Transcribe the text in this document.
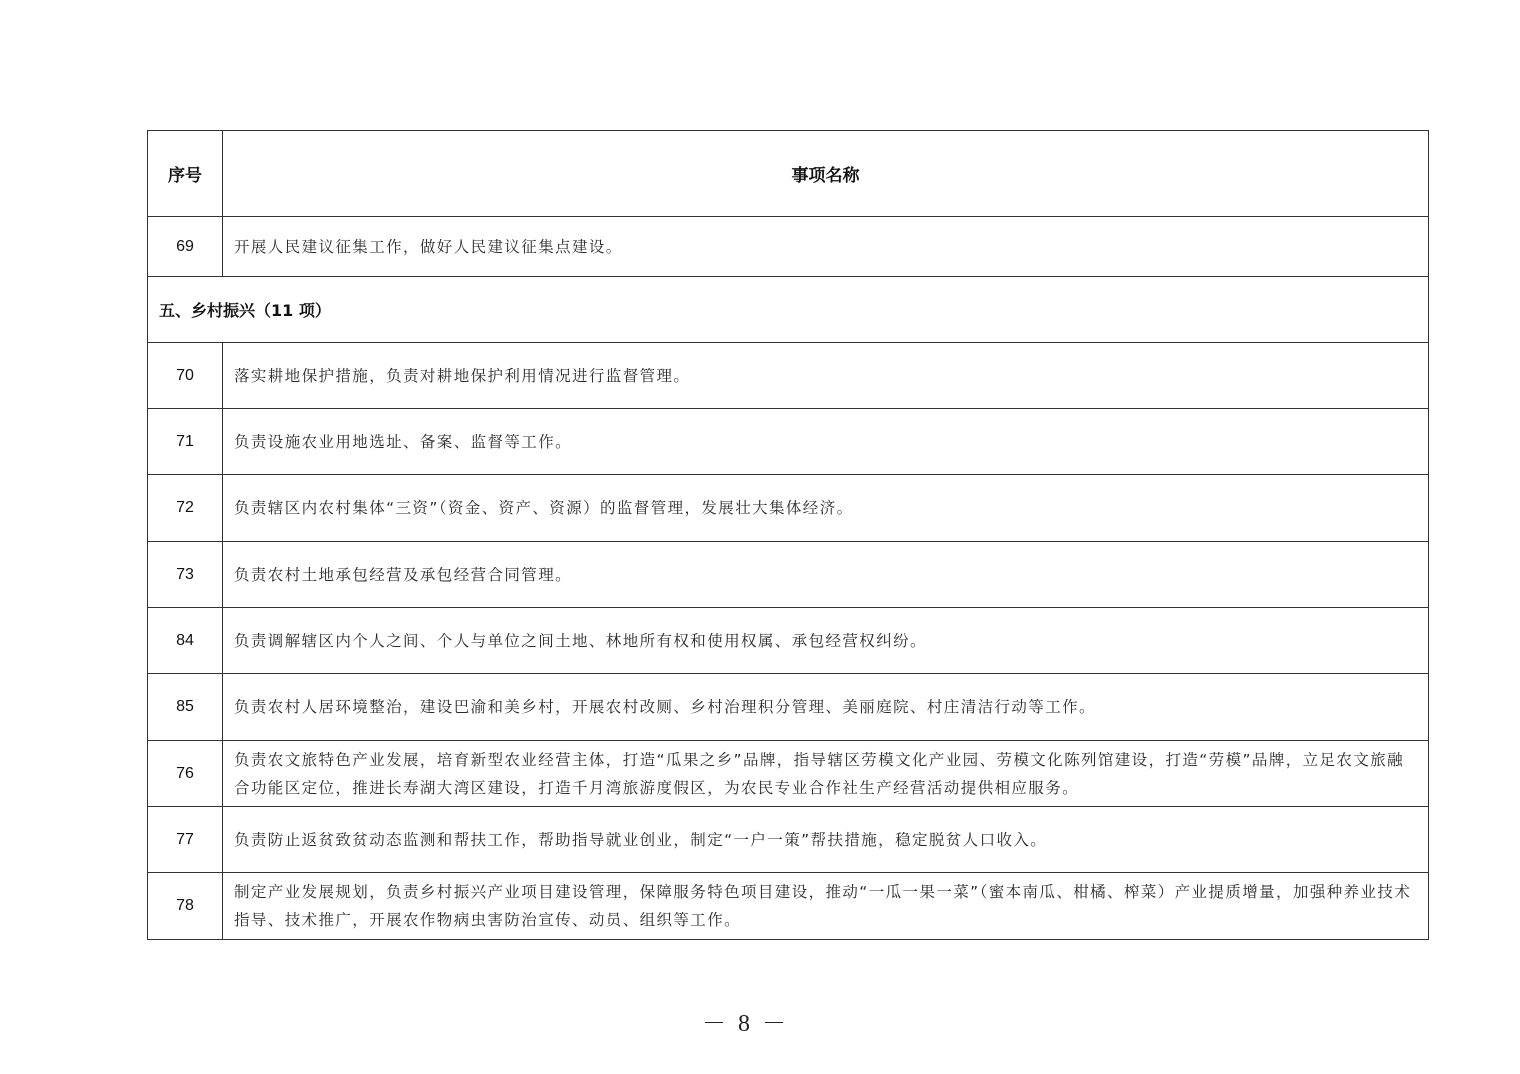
序号	事项名称
69	开展人民建议征集工作，做好人民建议征集点建设。
五、乡村振兴（11 项）	
70	落实耕地保护措施，负责对耕地保护利用情况进行监督管理。
71	负责设施农业用地选址、备案、监督等工作。
72	负责辖区内农村集体“三资”（资金、资产、资源）的监督管理，发展壮大集体经济。
73	负责农村土地承包经营及承包经营合同管理。
84	负责调解辖区内个人之间、个人与单位之间土地、林地所有权和使用权属、承包经营权纠纷。
85	负责农村人居环境整治，建设巴渝和美乡村，开展农村改厕、乡村治理积分管理、美丽庭院、村庄清洁行动等工作。
76	负责农文旅特色产业发展，培育新型农业经营主体，打造“瓜果之乡”品牌，指导辖区劳模文化产业园、劳模文化陈列馆建设，打造“劳模”品牌，立足农文旅融合功能区定位，推进长寿湖大湾区建设，打造千月湾旅游度假区，为农民专业合作社生产经营活动提供相应服务。
77	负责防止返贫致贫动态监测和帮扶工作，帮助指导就业创业，制定“一户一策”帮扶措施，稳定脱贫人口收入。
78	制定产业发展规划，负责乡村振兴产业项目建设管理，保障服务特色项目建设，推动“一瓜一果一菜”（蜜本南瓜、柑橘、榨菜）产业提质增量，加强种养业技术指导、技术推广，开展农作物病虫害防治宣传、动员、组织等工作。
－ 8 －
